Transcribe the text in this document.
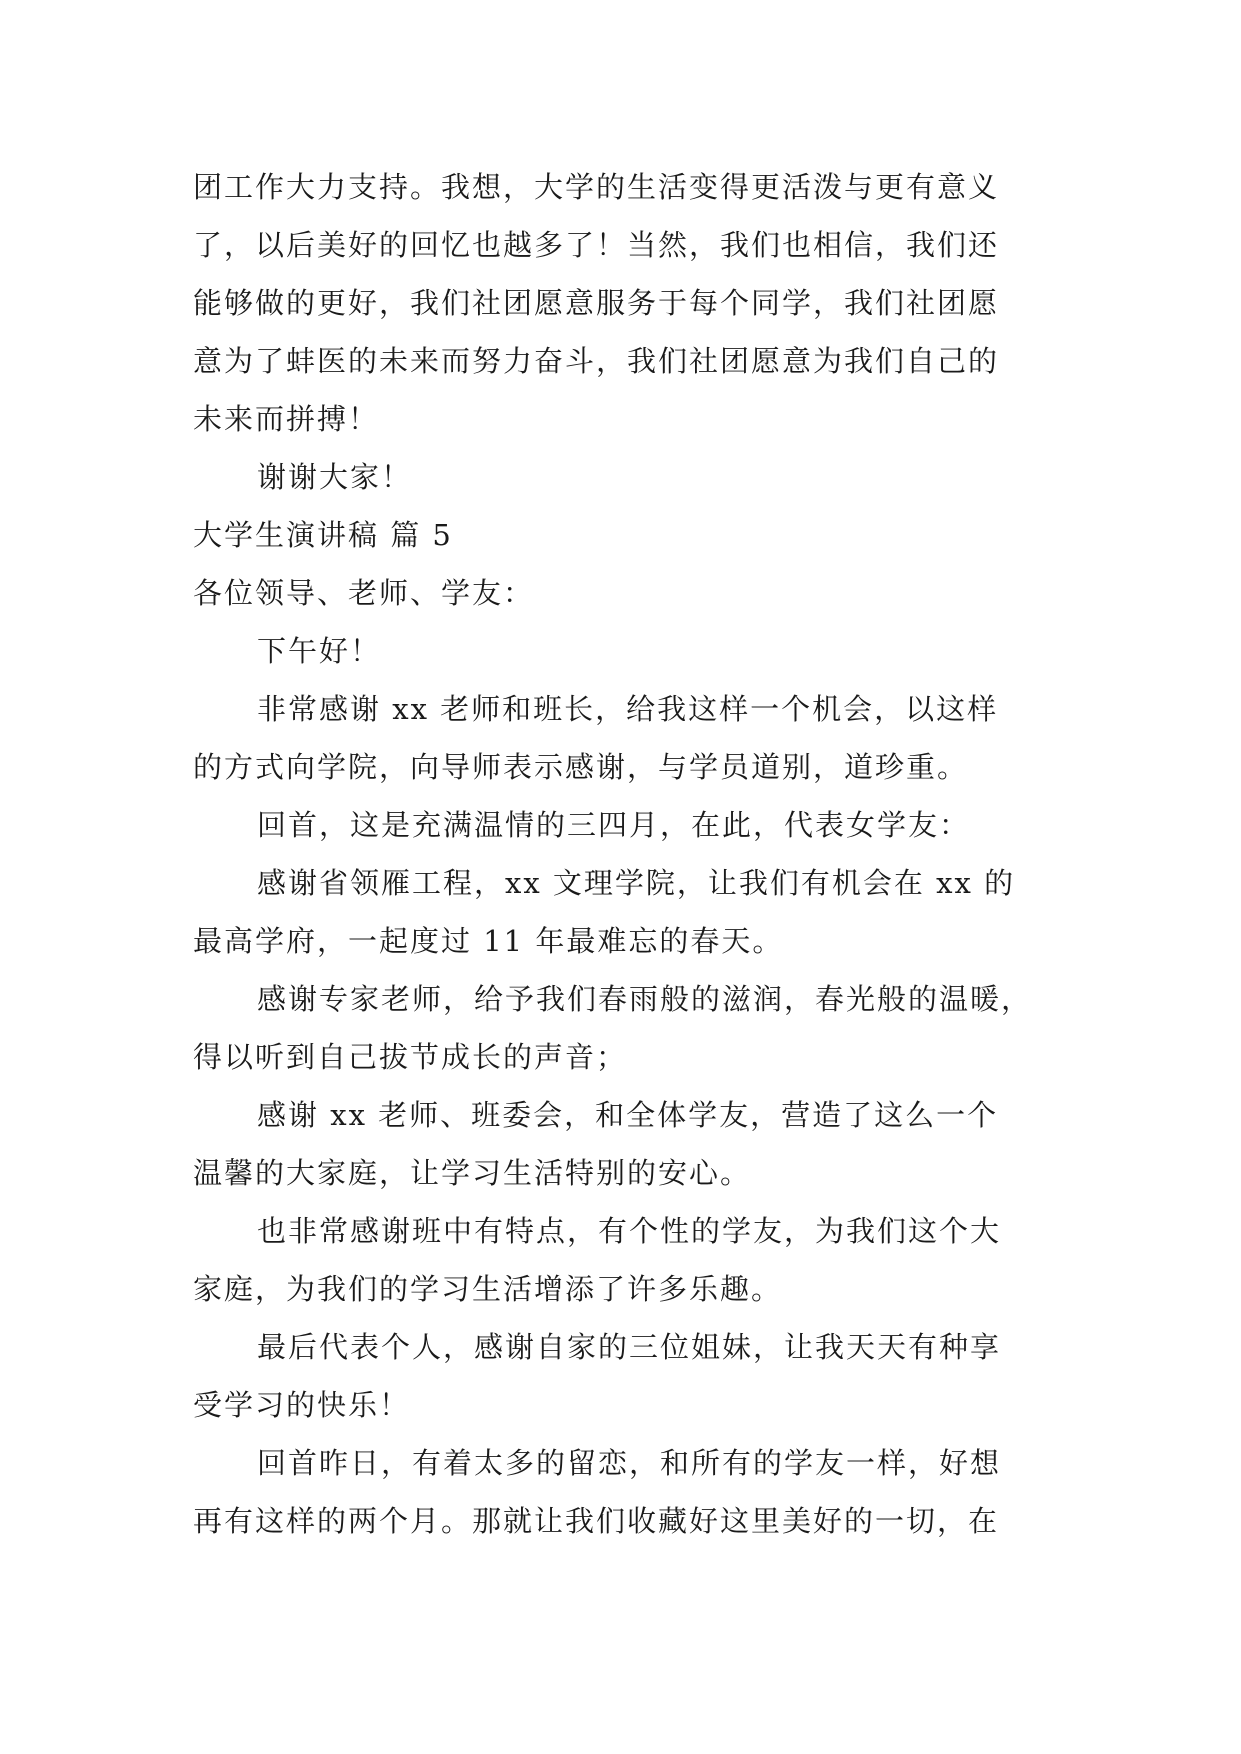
团工作大力支持。我想，大学的生活变得更活泼与更有意义
了，以后美好的回忆也越多了！当然，我们也相信，我们还
能够做的更好，我们社团愿意服务于每个同学，我们社团愿
意为了蚌医的未来而努力奋斗，我们社团愿意为我们自己的
未来而拼搏！
谢谢大家！
大学生演讲稿 篇 5
各位领导、老师、学友：
下午好！
非常感谢 xx 老师和班长，给我这样一个机会，以这样
的方式向学院，向导师表示感谢，与学员道别，道珍重。
回首，这是充满温情的三四月，在此，代表女学友：
感谢省领雁工程，xx 文理学院，让我们有机会在 xx 的
最高学府，一起度过 11 年最难忘的春天。
感谢专家老师，给予我们春雨般的滋润，春光般的温暖，
得以听到自己拔节成长的声音；
感谢 xx 老师、班委会，和全体学友，营造了这么一个
温馨的大家庭，让学习生活特别的安心。
也非常感谢班中有特点，有个性的学友，为我们这个大
家庭，为我们的学习生活增添了许多乐趣。
最后代表个人，感谢自家的三位姐妹，让我天天有种享
受学习的快乐！
回首昨日，有着太多的留恋，和所有的学友一样，好想
再有这样的两个月。那就让我们收藏好这里美好的一切，在
